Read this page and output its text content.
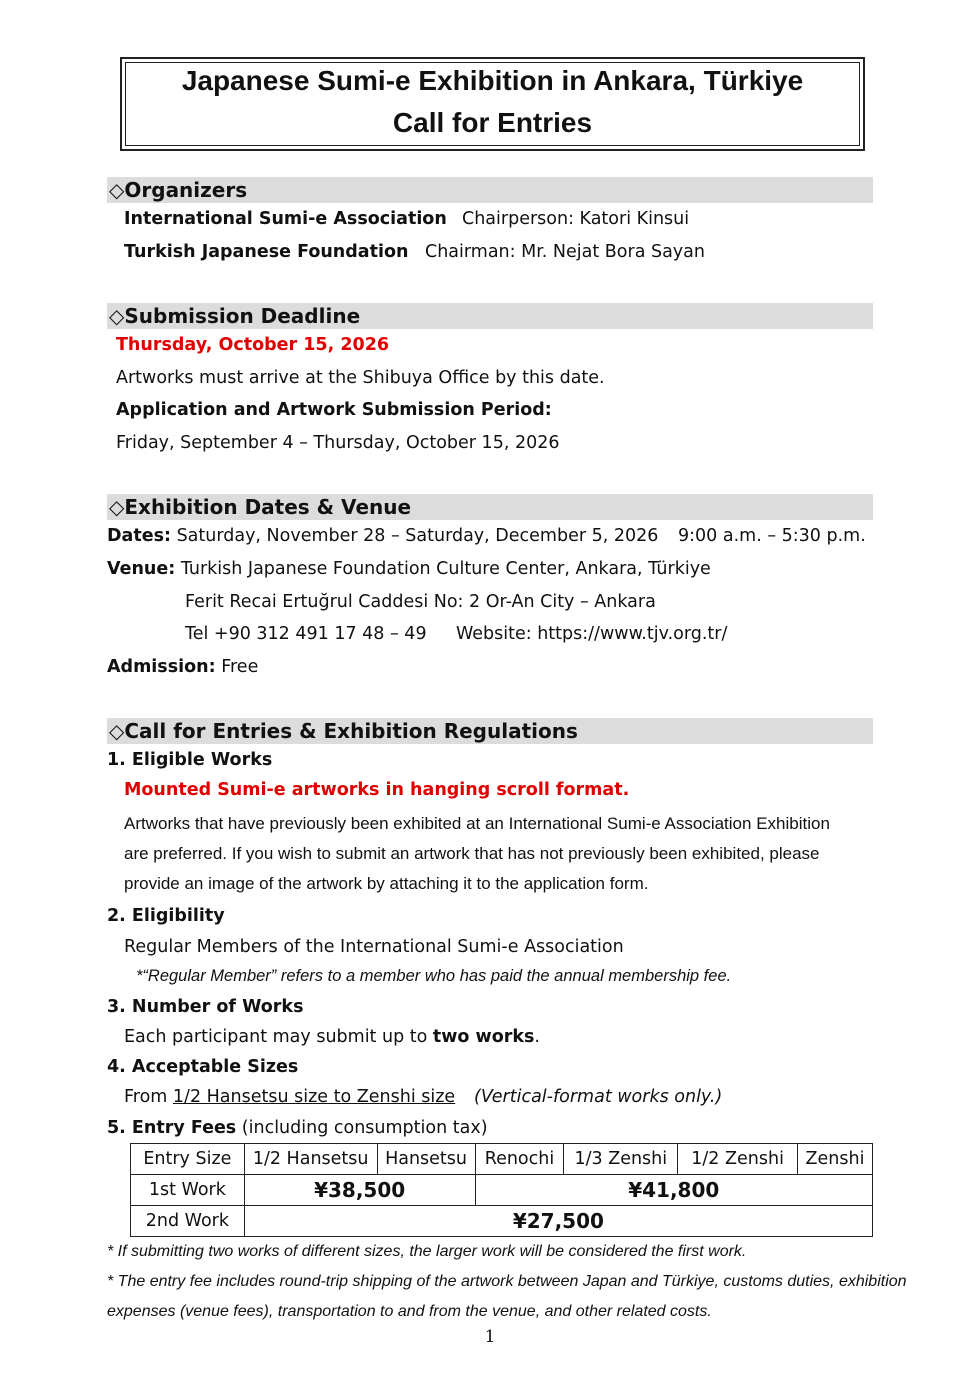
Japanese Sumi-e Exhibition in Ankara, Türkiye
Call for Entries
◇Organizers
International Sumi-e Association Chairperson: Katori Kinsui
Turkish Japanese Foundation Chairman: Mr. Nejat Bora Sayan
◇Submission Deadline
Thursday, October 15, 2026
Artworks must arrive at the Shibuya Office by this date.
Application and Artwork Submission Period:
Friday, September 4 – Thursday, October 15, 2026
◇Exhibition Dates & Venue
Dates: Saturday, November 28 – Saturday, December 5, 2026 9:00 a.m. – 5:30 p.m.
Venue: Turkish Japanese Foundation Culture Center, Ankara, Türkiye
Ferit Recai Ertuğrul Caddesi No: 2 Or-An City – Ankara
Tel +90 312 491 17 48 – 49 Website: https://www.tjv.org.tr/
Admission: Free
◇Call for Entries & Exhibition Regulations
1. Eligible Works
Mounted Sumi-e artworks in hanging scroll format.
Artworks that have previously been exhibited at an International Sumi-e Association Exhibition
are preferred. If you wish to submit an artwork that has not previously been exhibited, please
provide an image of the artwork by attaching it to the application form.
2. Eligibility
Regular Members of the International Sumi-e Association
*“Regular Member” refers to a member who has paid the annual membership fee.
3. Number of Works
Each participant may submit up to two works.
4. Acceptable Sizes
From 1/2 Hansetsu size to Zenshi size (Vertical-format works only.)
5. Entry Fees (including consumption tax)
Entry Size	1/2 Hansetsu	Hansetsu	Renochi	1/3 Zenshi	1/2 Zenshi	Zenshi
1st Work	¥38,500		¥41,800			
2nd Work	¥27,500					
* If submitting two works of different sizes, the larger work will be considered the first work.
* The entry fee includes round-trip shipping of the artwork between Japan and Türkiye, customs duties, exhibition
expenses (venue fees), transportation to and from the venue, and other related costs.
1
